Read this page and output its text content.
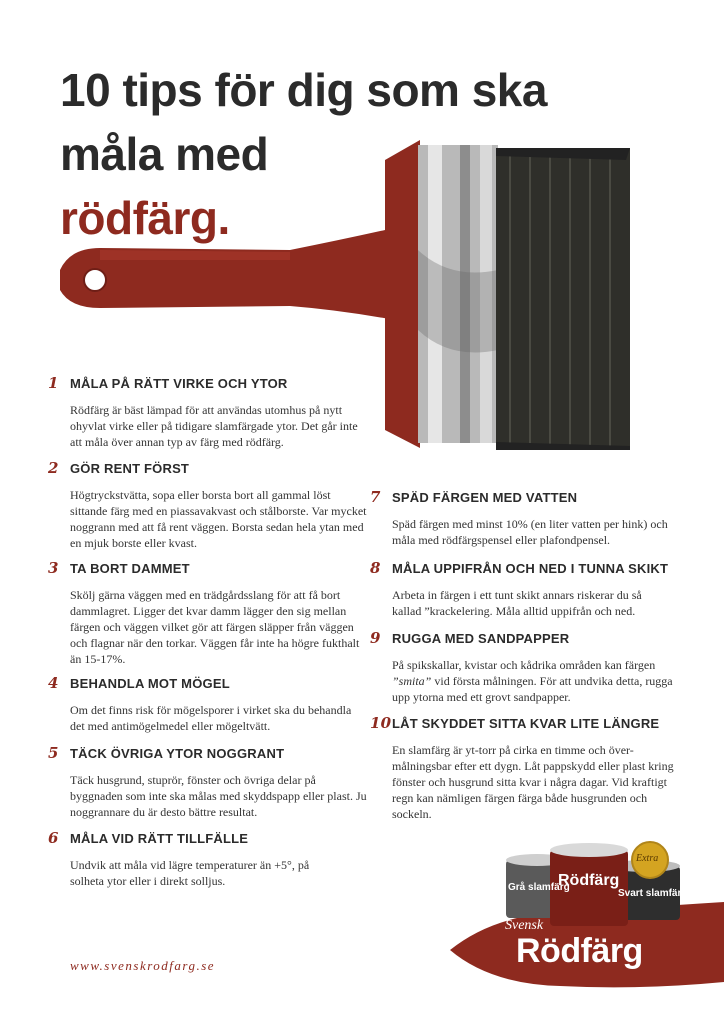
10 tips för dig som ska
måla med
rödfärg.
1 MÅLA PÅ RÄTT VIRKE OCH YTOR
Rödfärg är bäst lämpad för att användas utomhus på nytt ohyvlat virke eller på tidigare slamfärgade ytor. Det går inte att måla över annan typ av färg med rödfärg.
2 GÖR RENT FÖRST
Högtryckstvätta, sopa eller borsta bort all gammal löst sittande färg med en piassavakvast och stålborste. Var mycket noggrann med att få rent väggen. Borsta sedan hela ytan med en mjuk borste eller kvast.
3 TA BORT DAMMET
Skölj gärna väggen med en trädgårdsslang för att få bort dammlagret. Ligger det kvar damm lägger den sig mellan färgen och väggen vilket gör att färgen släpper från väggen och flagnar när den torkar. Väggen får inte ha högre fukthalt än 15-17%.
4 BEHANDLA MOT MÖGEL
Om det finns risk för mögelsporer i virket ska du behandla det med antimögelmedel eller mögeltvätt.
5 TÄCK ÖVRIGA YTOR NOGGRANT
Täck husgrund, stuprör, fönster och övriga delar på byggnaden som inte ska målas med skyddspapp eller plast. Ju noggrannare du är desto bättre resultat.
6 MÅLA VID RÄTT TILLFÄLLE
Undvik att måla vid lägre temperaturer än +5°, på solheta ytor eller i direkt solljus.
7 SPÄD FÄRGEN MED VATTEN
Späd färgen med minst 10% (en liter vatten per hink) och måla med rödfärgspensel eller plafondpensel.
8 MÅLA UPPIFRÅN OCH NED I TUNNA SKIKT
Arbeta in färgen i ett tunt skikt annars riskerar du så kallad ”krackelering. Måla alltid uppifrån och ned.
9 RUGGA MED SANDPAPPER
På spikskallar, kvistar och kådrika områden kan färgen ”smita” vid första målningen. För att undvika detta, rugga upp ytorna med ett grovt sandpapper.
10 LÅT SKYDDET SITTA KVAR LITE LÄNGRE
En slamfärg är yt-torr på cirka en timme och över-målningsbar efter ett dygn. Låt pappskydd eller plast kring fönster och husgrund sitta kvar i några dagar. Vid kraftigt regn kan nämligen färgen färga både husgrunden och sockeln.
www.svenskrodfarg.se
Grå slamfärg
Rödfärg
Svart slamfärg
Extra
Svensk
Rödfärg
